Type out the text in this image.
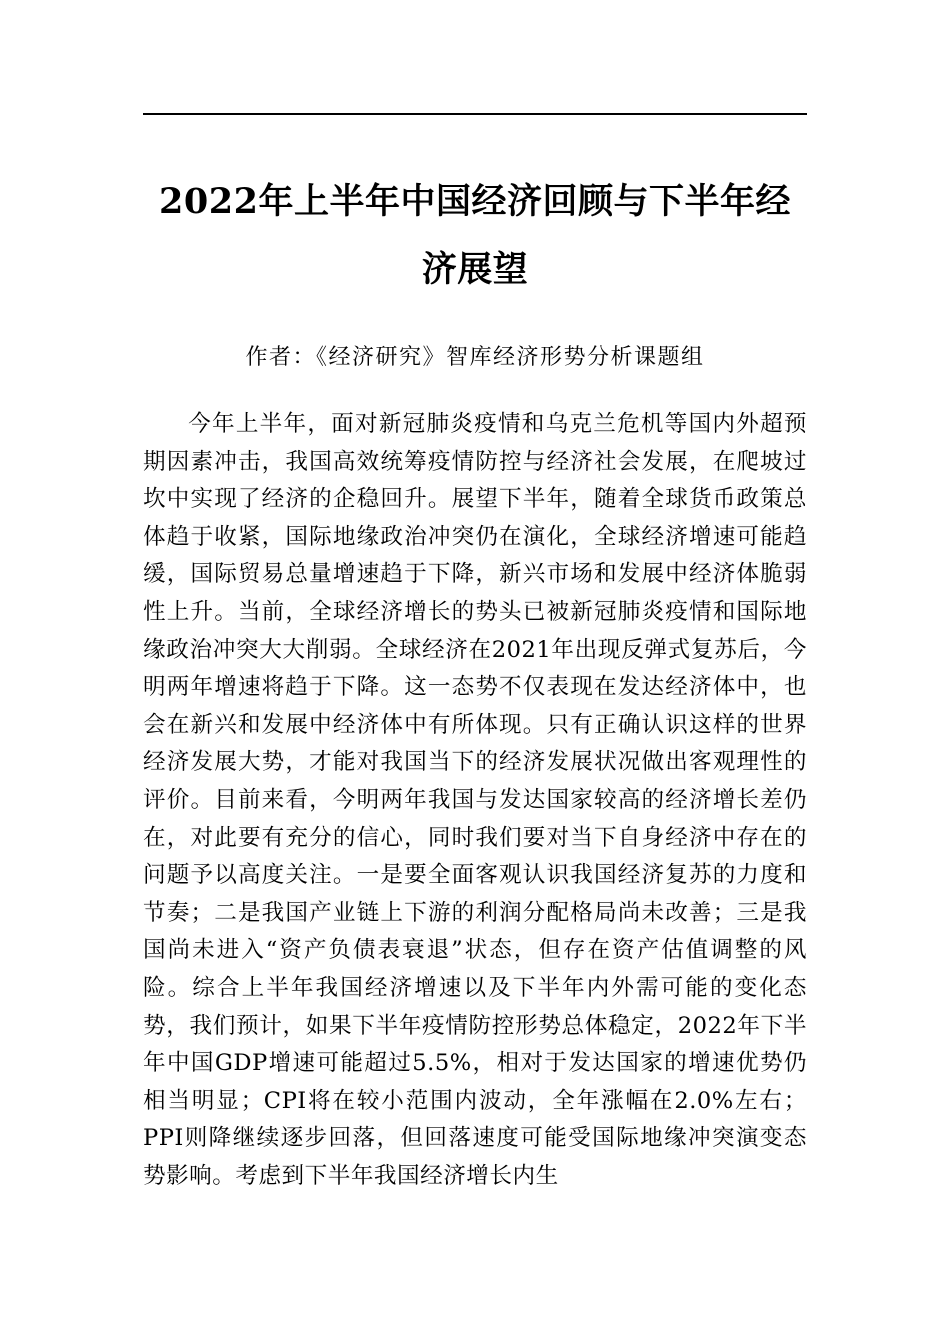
2022年上半年中国经济回顾与下半年经济展望
作者：《经济研究》智库经济形势分析课题组

今年上半年，面对新冠肺炎疫情和乌克兰危机等国内外超预期因素冲击，我国高效统筹疫情防控与经济社会发展，在爬坡过坎中实现了经济的企稳回升。展望下半年，随着全球货币政策总体趋于收紧，国际地缘政治冲突仍在演化，全球经济增速可能趋缓，国际贸易总量增速趋于下降，新兴市场和发展中经济体脆弱性上升。当前，全球经济增长的势头已被新冠肺炎疫情和国际地缘政治冲突大大削弱。全球经济在2021年出现反弹式复苏后，今明两年增速将趋于下降。这一态势不仅表现在发达经济体中，也会在新兴和发展中经济体中有所体现。只有正确认识这样的世界经济发展大势，才能对我国当下的经济发展状况做出客观理性的评价。目前来看，今明两年我国与发达国家较高的经济增长差仍在，对此要有充分的信心，同时我们要对当下自身经济中存在的问题予以高度关注。一是要全面客观认识我国经济复苏的力度和节奏；二是我国产业链上下游的利润分配格局尚未改善；三是我国尚未进入“资产负债表衰退”状态，但存在资产估值调整的风险。综合上半年我国经济增速以及下半年内外需可能的变化态势，我们预计，如果下半年疫情防控形势总体稳定，2022年下半年中国GDP增速可能超过5.5%，相对于发达国家的增速优势仍相当明显；CPI将在较小范围内波动，全年涨幅在2.0%左右；PPI则降继续逐步回落，但回落速度可能受国际地缘冲突演变态势影响。考虑到下半年我国经济增长内生
